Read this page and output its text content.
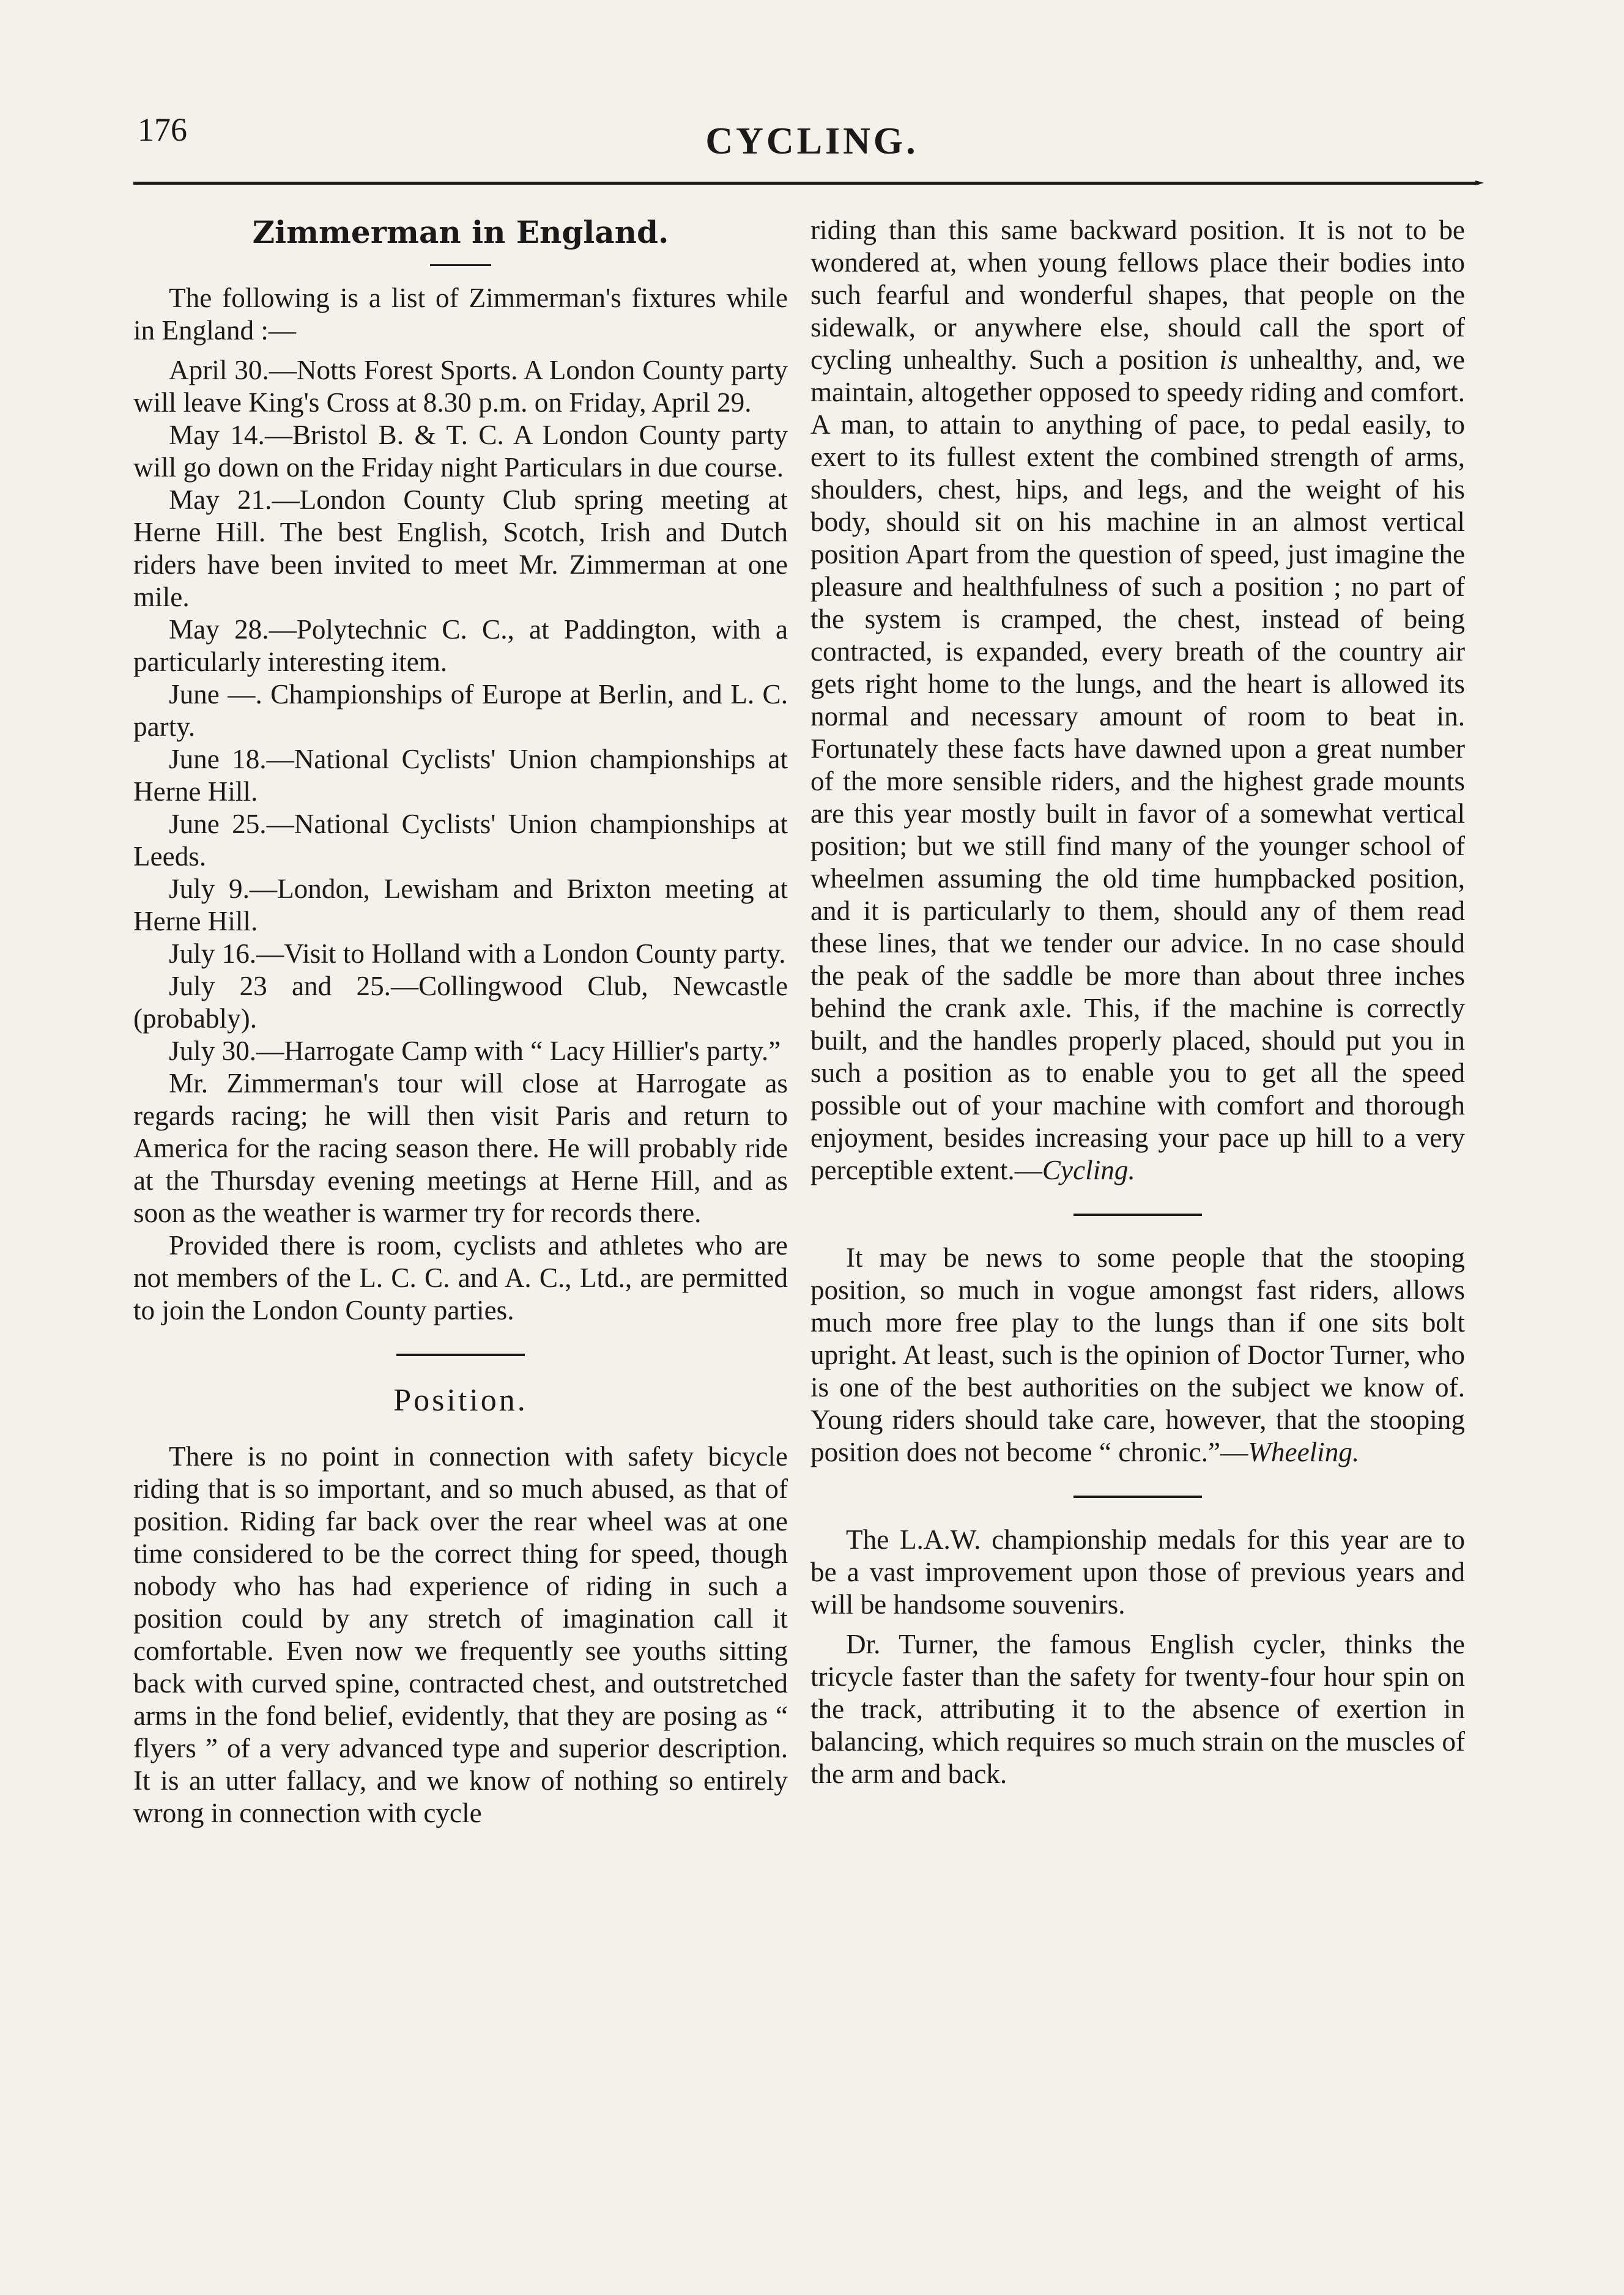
176	CYCLING.
Zimmerman in England.

The following is a list of Zimmerman's fixtures while in England :—

April 30.—Notts Forest Sports. A London County party will leave King's Cross at 8.30 p.m. on Friday, April 29.

May 14.—Bristol B. & T. C. A London County party will go down on the Friday night Particulars in due course.

May 21.—London County Club spring meeting at Herne Hill. The best English, Scotch, Irish and Dutch riders have been invited to meet Mr. Zimmerman at one mile.

May 28.—Polytechnic C. C., at Paddington, with a particularly interesting item.

June —. Championships of Europe at Berlin, and L. C. party.

June 18.—National Cyclists' Union championships at Herne Hill.

June 25.—National Cyclists' Union championships at Leeds.

July 9.—London, Lewisham and Brixton meeting at Herne Hill.

July 16.—Visit to Holland with a London County party.

July 23 and 25.—Collingwood Club, Newcastle (probably).

July 30.—Harrogate Camp with “ Lacy Hillier's party.”

Mr. Zimmerman's tour will close at Harrogate as regards racing; he will then visit Paris and return to America for the racing season there. He will probably ride at the Thursday evening meetings at Herne Hill, and as soon as the weather is warmer try for records there.

Provided there is room, cyclists and athletes who are not members of the L. C. C. and A. C., Ltd., are permitted to join the London County parties.

Position.

There is no point in connection with safety bicycle riding that is so important, and so much abused, as that of position. Riding far back over the rear wheel was at one time considered to be the correct thing for speed, though nobody who has had experience of riding in such a position could by any stretch of imagination call it comfortable. Even now we frequently see youths sitting back with curved spine, contracted chest, and outstretched arms in the fond belief, evidently, that they are posing as “ flyers ” of a very advanced type and superior description. It is an utter fallacy, and we know of nothing so entirely wrong in connection with cycle

riding than this same backward position. It is not to be wondered at, when young fellows place their bodies into such fearful and wonderful shapes, that people on the sidewalk, or anywhere else, should call the sport of cycling unhealthy. Such a position is unhealthy, and, we maintain, altogether opposed to speedy riding and comfort. A man, to attain to anything of pace, to pedal easily, to exert to its fullest extent the combined strength of arms, shoulders, chest, hips, and legs, and the weight of his body, should sit on his machine in an almost vertical position Apart from the question of speed, just imagine the pleasure and healthfulness of such a position ; no part of the system is cramped, the chest, instead of being contracted, is expanded, every breath of the country air gets right home to the lungs, and the heart is allowed its normal and necessary amount of room to beat in. Fortunately these facts have dawned upon a great number of the more sensible riders, and the highest grade mounts are this year mostly built in favor of a somewhat vertical position; but we still find many of the younger school of wheelmen assuming the old time humpbacked position, and it is particularly to them, should any of them read these lines, that we tender our advice. In no case should the peak of the saddle be more than about three inches behind the crank axle. This, if the machine is correctly built, and the handles properly placed, should put you in such a position as to enable you to get all the speed possible out of your machine with comfort and thorough enjoyment, besides increasing your pace up hill to a very perceptible extent.—Cycling.

It may be news to some people that the stooping position, so much in vogue amongst fast riders, allows much more free play to the lungs than if one sits bolt upright. At least, such is the opinion of Doctor Turner, who is one of the best authorities on the subject we know of. Young riders should take care, however, that the stooping position does not become “ chronic.”—Wheeling.

The L.A.W. championship medals for this year are to be a vast improvement upon those of previous years and will be handsome souvenirs.

Dr. Turner, the famous English cycler, thinks the tricycle faster than the safety for twenty-four hour spin on the track, attributing it to the absence of exertion in balancing, which requires so much strain on the muscles of the arm and back.
